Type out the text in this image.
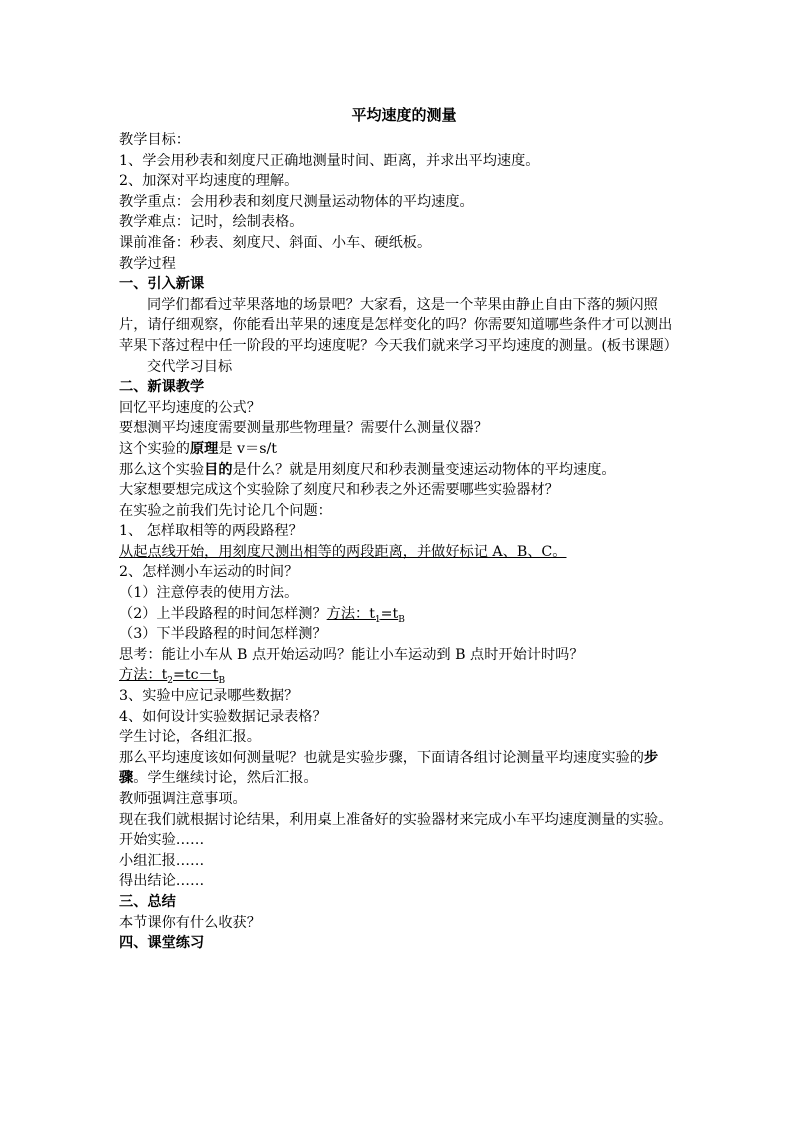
平均速度的测量
教学目标：
1、学会用秒表和刻度尺正确地测量时间、距离，并求出平均速度。
2、加深对平均速度的理解。
教学重点：会用秒表和刻度尺测量运动物体的平均速度。
教学难点：记时，绘制表格。
课前准备：秒表、刻度尺、斜面、小车、硬纸板。
教学过程
一、引入新课
同学们都看过苹果落地的场景吧？大家看，这是一个苹果由静止自由下落的频闪照片，请仔细观察，你能看出苹果的速度是怎样变化的吗？你需要知道哪些条件才可以测出苹果下落过程中任一阶段的平均速度呢？今天我们就来学习平均速度的测量。(板书课题）
交代学习目标
二、新课教学
回忆平均速度的公式？
要想测平均速度需要测量那些物理量？需要什么测量仪器？
这个实验的原理是 v＝s/t
那么这个实验目的是什么？就是用刻度尺和秒表测量变速运动物体的平均速度。
大家想要想完成这个实验除了刻度尺和秒表之外还需要哪些实验器材？
在实验之前我们先讨论几个问题：
1、 怎样取相等的两段路程？
从起点线开始，用刻度尺测出相等的两段距离，并做好标记 A、B、C。
2、怎样测小车运动的时间？
（1）注意停表的使用方法。
（2）上半段路程的时间怎样测？方法：$t_1=t_B$
（3）下半段路程的时间怎样测？
思考：能让小车从 B 点开始运动吗？能让小车运动到 B 点时开始计时吗？
方法：$t_2=tc-t_B$
3、实验中应记录哪些数据？
4、如何设计实验数据记录表格？
学生讨论，各组汇报。
那么平均速度该如何测量呢？也就是实验步骤，下面请各组讨论测量平均速度实验的步骤。学生继续讨论，然后汇报。
教师强调注意事项。
现在我们就根据讨论结果，利用桌上准备好的实验器材来完成小车平均速度测量的实验。
开始实验……
小组汇报……
得出结论……
三、总结
本节课你有什么收获？
四、课堂练习
